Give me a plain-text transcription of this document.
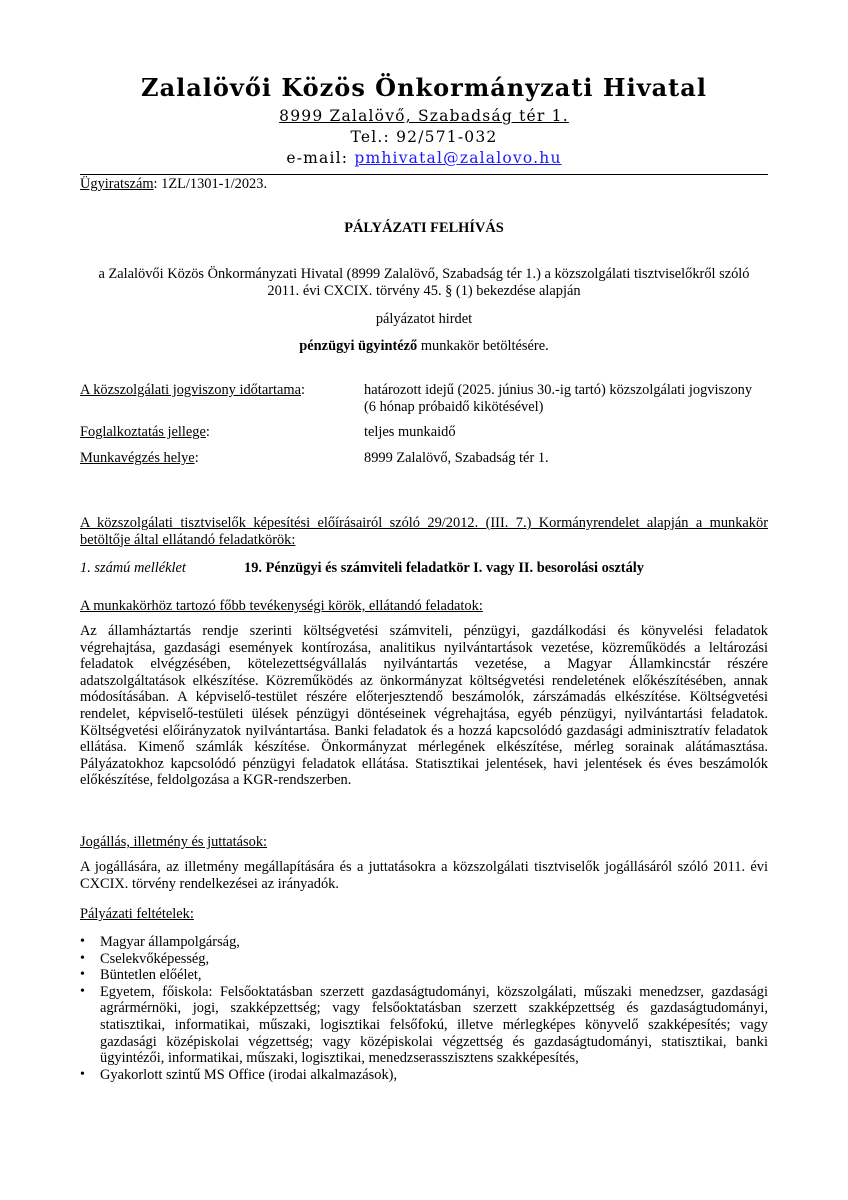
Zalalövői Közös Önkormányzati Hivatal
8999 Zalalövő, Szabadság tér 1.
Tel.: 92/571-032
e-mail: pmhivatal@zalalovo.hu
Ügyiratszám: 1ZL/1301-1/2023.
PÁLYÁZATI FELHÍVÁS
a Zalalövői Közös Önkormányzati Hivatal (8999 Zalalövő, Szabadság tér 1.) a közszolgálati tisztviselőkről szóló 2011. évi CXCIX. törvény 45. § (1) bekezdése alapján
pályázatot hirdet
pénzügyi ügyintéző munkakör betöltésére.
A közszolgálati jogviszony időtartama:	határozott idejű (2025. június 30.-ig tartó) közszolgálati jogviszony
(6 hónap próbaidő kikötésével)
Foglalkoztatás jellege:	teljes munkaidő
Munkavégzés helye:	8999 Zalalövő, Szabadság tér 1.
A közszolgálati tisztviselők képesítési előírásairól szóló 29/2012. (III. 7.) Kormányrendelet alapján a munkakör betöltője által ellátandó feladatkörök:
1. számú melléklet	19. Pénzügyi és számviteli feladatkör I. vagy II. besorolási osztály
A munkakörhöz tartozó főbb tevékenységi körök, ellátandó feladatok:
Az államháztartás rendje szerinti költségvetési számviteli, pénzügyi, gazdálkodási és könyvelési feladatok végrehajtása, gazdasági események kontírozása, analitikus nyilvántartások vezetése, közreműködés a leltározási feladatok elvégzésében, kötelezettségvállalás nyilvántartás vezetése, a Magyar Államkincstár részére adatszolgáltatások elkészítése. Közreműködés az önkormányzat költségvetési rendeletének előkészítésében, annak módosításában. A képviselő-testület részére előterjesztendő beszámolók, zárszámadás elkészítése. Költségvetési rendelet, képviselő-testületi ülések pénzügyi döntéseinek végrehajtása, egyéb pénzügyi, nyilvántartási feladatok. Költségvetési előirányzatok nyilvántartása. Banki feladatok és a hozzá kapcsolódó gazdasági adminisztratív feladatok ellátása. Kimenő számlák készítése. Önkormányzat mérlegének elkészítése, mérleg sorainak alátámasztása. Pályázatokhoz kapcsolódó pénzügyi feladatok ellátása. Statisztikai jelentések, havi jelentések és éves beszámolók előkészítése, feldolgozása a KGR-rendszerben.
Jogállás, illetmény és juttatások:
A jogállására, az illetmény megállapítására és a juttatásokra a közszolgálati tisztviselők jogállásáról szóló 2011. évi CXCIX. törvény rendelkezései az irányadók.
Pályázati feltételek:
• Magyar állampolgárság,
• Cselekvőképesség,
• Büntetlen előélet,
• Egyetem, főiskola: Felsőoktatásban szerzett gazdaságtudományi, közszolgálati, műszaki menedzser, gazdasági agrármérnöki, jogi, szakképzettség; vagy felsőoktatásban szerzett szakképzettség és gazdaságtudományi, statisztikai, informatikai, műszaki, logisztikai felsőfokú, illetve mérlegképes könyvelő szakképesítés; vagy gazdasági középiskolai végzettség; vagy középiskolai végzettség és gazdaságtudományi, statisztikai, banki ügyintézői, informatikai, műszaki, logisztikai, menedzserasszisztens szakképesítés,
• Gyakorlott szintű MS Office (irodai alkalmazások),
